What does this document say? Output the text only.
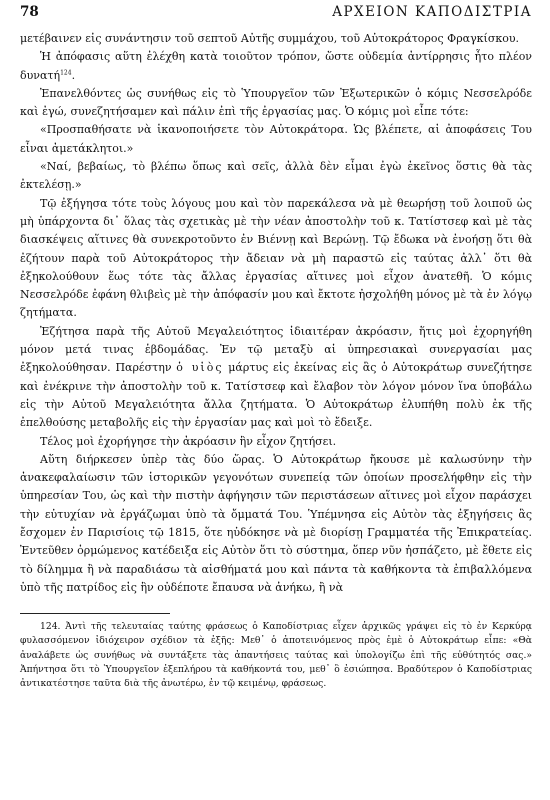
78	ΑΡΧΕΙΟΝ ΚΑΠΟΔΙΣΤΡΙΑ

μετέβαινεν εἰς συνάντησιν τοῦ σεπτοῦ Αὐτῆς συμμάχου, τοῦ Αὐτοκράτορος Φραγκίσκου.

Ἡ ἀπόφασις αὕτη ἐλέχθη κατὰ τοιοῦτον τρόπον, ὥστε οὐδεμία ἀντίρρησις ἦτο πλέον δυνατή$^{124}$.

Ἐπανελθόντες ὡς συνήθως εἰς τὸ Ὑπουργεῖον τῶν Ἐξωτερικῶν ὁ κόμις Νεσσελρόδε καὶ ἐγώ, συνεζητήσαμεν καὶ πάλιν ἐπὶ τῆς ἐργασίας μας. Ὁ κόμις μοὶ εἶπε τότε:

«Προσπαθήσατε νὰ ἱκανοποιήσετε τὸν Αὐτοκράτορα. Ὡς βλέπετε, αἱ ἀποφάσεις Του εἶναι ἀμετάκλητοι.»

«Ναί, βεβαίως, τὸ βλέπω ὅπως καὶ σεῖς, ἀλλὰ δὲν εἶμαι ἐγὼ ἐκεῖνος ὅστις θὰ τὰς ἐκτελέσῃ.»

Τῷ ἐξήγησα τότε τοὺς λόγους μου καὶ τὸν παρεκάλεσα νὰ μὲ θεωρήσῃ τοῦ λοιποῦ ὡς μὴ ὑπάρχοντα δι᾽ ὅλας τὰς σχετικὰς μὲ τὴν νέαν ἀποστολὴν τοῦ κ. Τατίστσεφ καὶ μὲ τὰς διασκέψεις αἵτινες θὰ συνεκροτοῦντο ἐν Βιέννῃ καὶ Βερώνῃ. Τῷ ἔδωκα νὰ ἐνοήσῃ ὅτι θὰ ἐζήτουν παρὰ τοῦ Αὐτοκράτορος τὴν ἄδειαν νὰ μὴ παραστῶ εἰς ταύτας ἀλλ᾽ ὅτι θὰ ἐξηκολούθουν ἕως τότε τὰς ἄλλας ἐργασίας αἵτινες μοὶ εἶχον ἀνατεθῆ. Ὁ κόμις Νεσσελρόδε ἐφάνη θλιβεὶς μὲ τὴν ἀπόφασίν μου καὶ ἔκτοτε ἠσχολήθη μόνος μὲ τὰ ἐν λόγῳ ζητήματα.

Ἐζήτησα παρὰ τῆς Αὐτοῦ Μεγαλειότητος ἰδιαιτέραν ἀκρόασιν, ἥτις μοὶ ἐχορηγήθη μόνον μετά τινας ἑβδομάδας. Ἐν τῷ μεταξὺ αἱ ὑπηρεσιακαὶ συνεργασίαι μας ἐξηκολούθησαν. Παρέστην ὁ υἱὸς μάρτυς εἰς ἐκείνας εἰς ἃς ὁ Αὐτοκράτωρ συνεζήτησε καὶ ἐνέκρινε τὴν ἀποστολὴν τοῦ κ. Τατίστσεφ καὶ ἔλαβον τὸν λόγον μόνον ἵνα ὑποβάλω εἰς τὴν Αὐτοῦ Μεγαλειότητα ἄλλα ζητήματα. Ὁ Αὐτοκράτωρ ἐλυπήθη πολὺ ἐκ τῆς ἐπελθούσης μεταβολῆς εἰς τὴν ἐργασίαν μας καὶ μοὶ τὸ ἔδειξε.

Τέλος μοὶ ἐχορήγησε τὴν ἀκρόασιν ἣν εἶχον ζητήσει.

Αὕτη διήρκεσεν ὑπὲρ τὰς δύο ὥρας. Ὁ Αὐτοκράτωρ ἤκουσε μὲ καλωσύνην τὴν ἀνακεφαλαίωσιν τῶν ἱστορικῶν γεγονότων συνεπείᾳ τῶν ὁποίων προσελήφθην εἰς τὴν ὑπηρεσίαν Του, ὡς καὶ τὴν πιστὴν ἀφήγησιν τῶν περιστάσεων αἵτινες μοὶ εἶχον παράσχει τὴν εὐτυχίαν νὰ ἐργάζωμαι ὑπὸ τὰ ὄμματά Του. Ὑπέμνησα εἰς Αὐτὸν τὰς ἐξηγήσεις ἃς ἔσχομεν ἐν Παρισίοις τῷ 1815, ὅτε ηὐδόκησε νὰ μὲ διορίσῃ Γραμματέα τῆς Ἐπικρατείας. Ἐντεῦθεν ὁρμώμενος κατέδειξα εἰς Αὐτὸν ὅτι τὸ σύστημα, ὅπερ νῦν ἠσπάζετο, μὲ ἔθετε εἰς τὸ δίλημμα ἢ νὰ παραδιάσω τὰ αἰσθήματά μου καὶ πάντα τὰ καθήκοντα τὰ ἐπιβαλλόμενα ὑπὸ τῆς πατρίδος εἰς ἣν οὐδέποτε ἔπαυσα νὰ ἀνήκω, ἢ νὰ

124. Ἀντὶ τῆς τελευταίας ταύτης φράσεως ὁ Καποδίστριας εἶχεν ἀρχικῶς γράψει εἰς τὸ ἐν Κερκύρᾳ φυλασσόμενον ἰδιόχειρον σχέδιον τὰ ἑξῆς: Μεθ᾽ ὁ ἀποτεινόμενος πρὸς ἐμὲ ὁ Αὐτοκράτωρ εἶπε: «Θὰ ἀναλάβετε ὡς συνήθως νὰ συντάξετε τὰς ἀπαντήσεις ταύτας καὶ ὑπολογίζω ἐπὶ τῆς εὐθύτητός σας.» Ἀπήντησα ὅτι τὸ Ὑπουργεῖον ἐξεπλήρου τὰ καθήκοντά του, μεθ᾽ ὃ ἐσιώπησα. Βραδύτερον ὁ Καποδίστριας ἀντικατέστησε ταῦτα διὰ τῆς ἀνωτέρω, ἐν τῷ κειμένῳ, φράσεως.
